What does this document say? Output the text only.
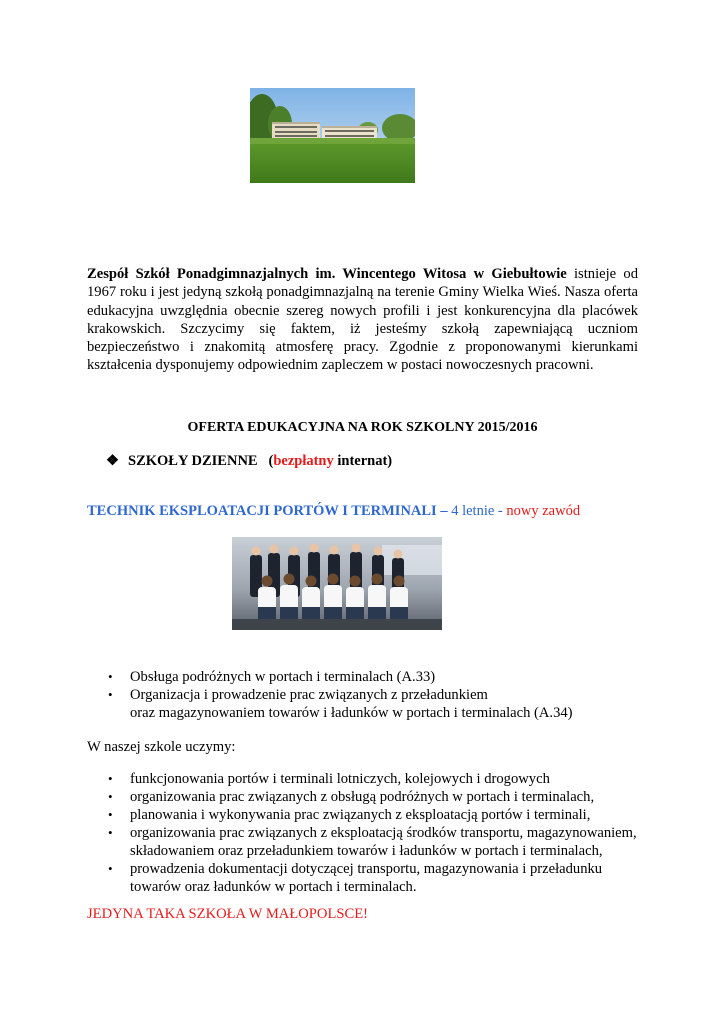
Zespół Szkół Ponadgimnazjalnych im. Wincentego Witosa w Giebułtowie istnieje od 1967 roku i jest jedyną szkołą ponadgimnazjalną na terenie Gminy Wielka Wieś. Nasza oferta edukacyjna uwzględnia obecnie szereg nowych profili i jest konkurencyjna dla placówek krakowskich. Szczycimy się faktem, iż jesteśmy szkołą zapewniającą uczniom bezpieczeństwo i znakomitą atmosferę pracy. Zgodnie z proponowanymi kierunkami kształcenia dysponujemy odpowiednim zapleczem w postaci nowoczesnych pracowni.

OFERTA EDUKACYJNA NA ROK SZKOLNY 2015/2016

❖ SZKOŁY DZIENNE (bezpłatny internat)
TECHNIK EKSPLOATACJI PORTÓW I TERMINALI – 4 letnie - nowy zawód
• Obsługa podróżnych w portach i terminalach (A.33)
• Organizacja i prowadzenie prac związanych z przeładunkiem
oraz magazynowaniem towarów i ładunków w portach i terminalach (A.34)
W naszej szkole uczymy:
• funkcjonowania portów i terminali lotniczych, kolejowych i drogowych
• organizowania prac związanych z obsługą podróżnych w portach i terminalach,
• planowania i wykonywania prac związanych z eksploatacją portów i terminali,
• organizowania prac związanych z eksploatacją środków transportu, magazynowaniem,
składowaniem oraz przeładunkiem towarów i ładunków w portach i terminalach,
• prowadzenia dokumentacji dotyczącej transportu, magazynowania i przeładunku
towarów oraz ładunków w portach i terminalach.
JEDYNA TAKA SZKOŁA W MAŁOPOLSCE!
